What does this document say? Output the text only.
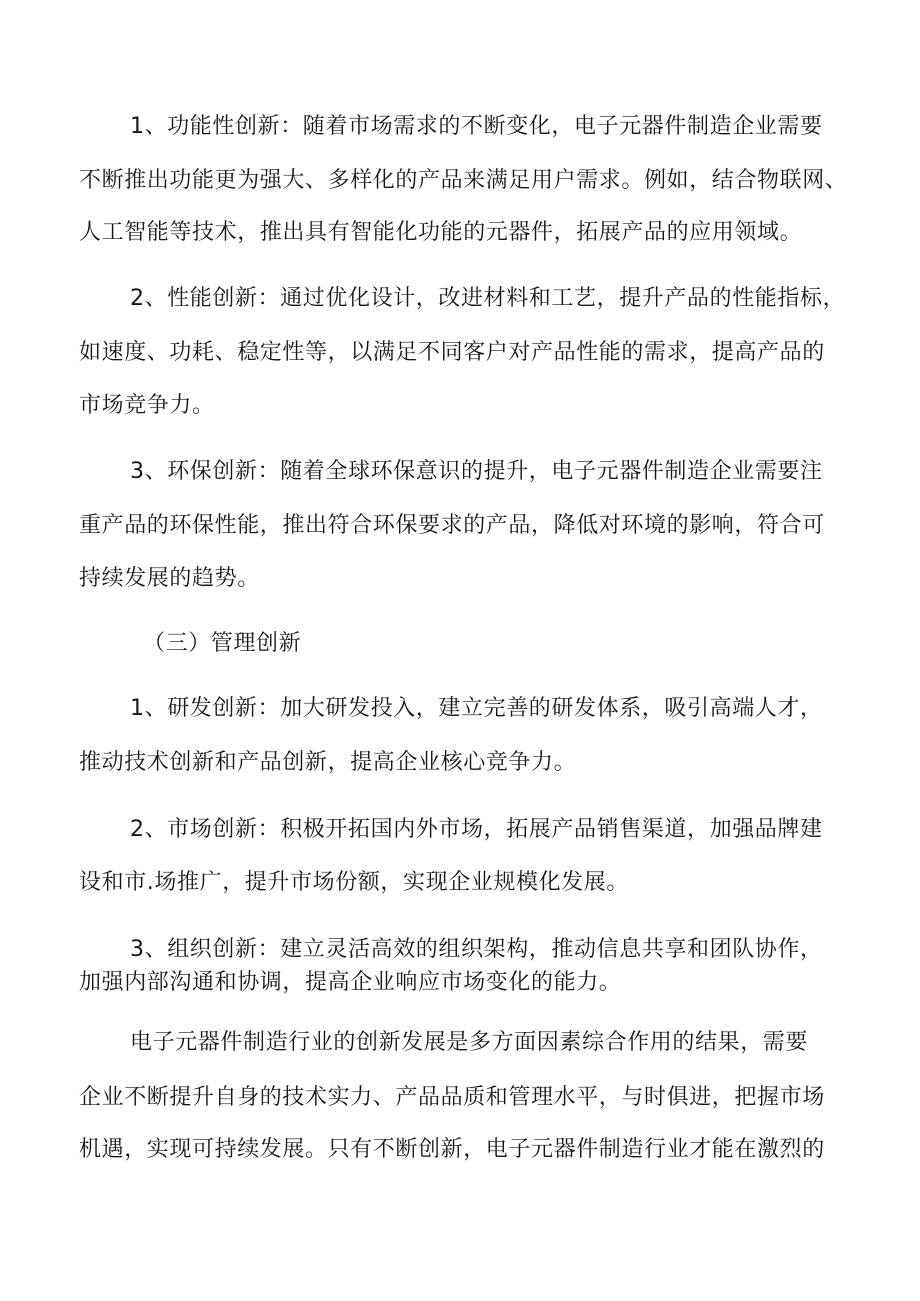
1、功能性创新：随着市场需求的不断变化，电子元器件制造企业需要
不断推出功能更为强大、多样化的产品来满足用户需求。例如，结合物联网、
人工智能等技术，推出具有智能化功能的元器件，拓展产品的应用领域。
2、性能创新：通过优化设计，改进材料和工艺，提升产品的性能指标，
如速度、功耗、稳定性等，以满足不同客户对产品性能的需求，提高产品的
市场竞争力。
3、环保创新：随着全球环保意识的提升，电子元器件制造企业需要注
重产品的环保性能，推出符合环保要求的产品，降低对环境的影响，符合可
持续发展的趋势。
（三）管理创新
1、研发创新：加大研发投入，建立完善的研发体系，吸引高端人才，
推动技术创新和产品创新，提高企业核心竞争力。
2、市场创新：积极开拓国内外市场，拓展产品销售渠道，加强品牌建
设和市.场推广，提升市场份额，实现企业规模化发展。
3、组织创新：建立灵活高效的组织架构，推动信息共享和团队协作，
加强内部沟通和协调，提高企业响应市场变化的能力。
电子元器件制造行业的创新发展是多方面因素综合作用的结果，需要
企业不断提升自身的技术实力、产品品质和管理水平，与时俱进，把握市场
机遇，实现可持续发展。只有不断创新，电子元器件制造行业才能在激烈的
